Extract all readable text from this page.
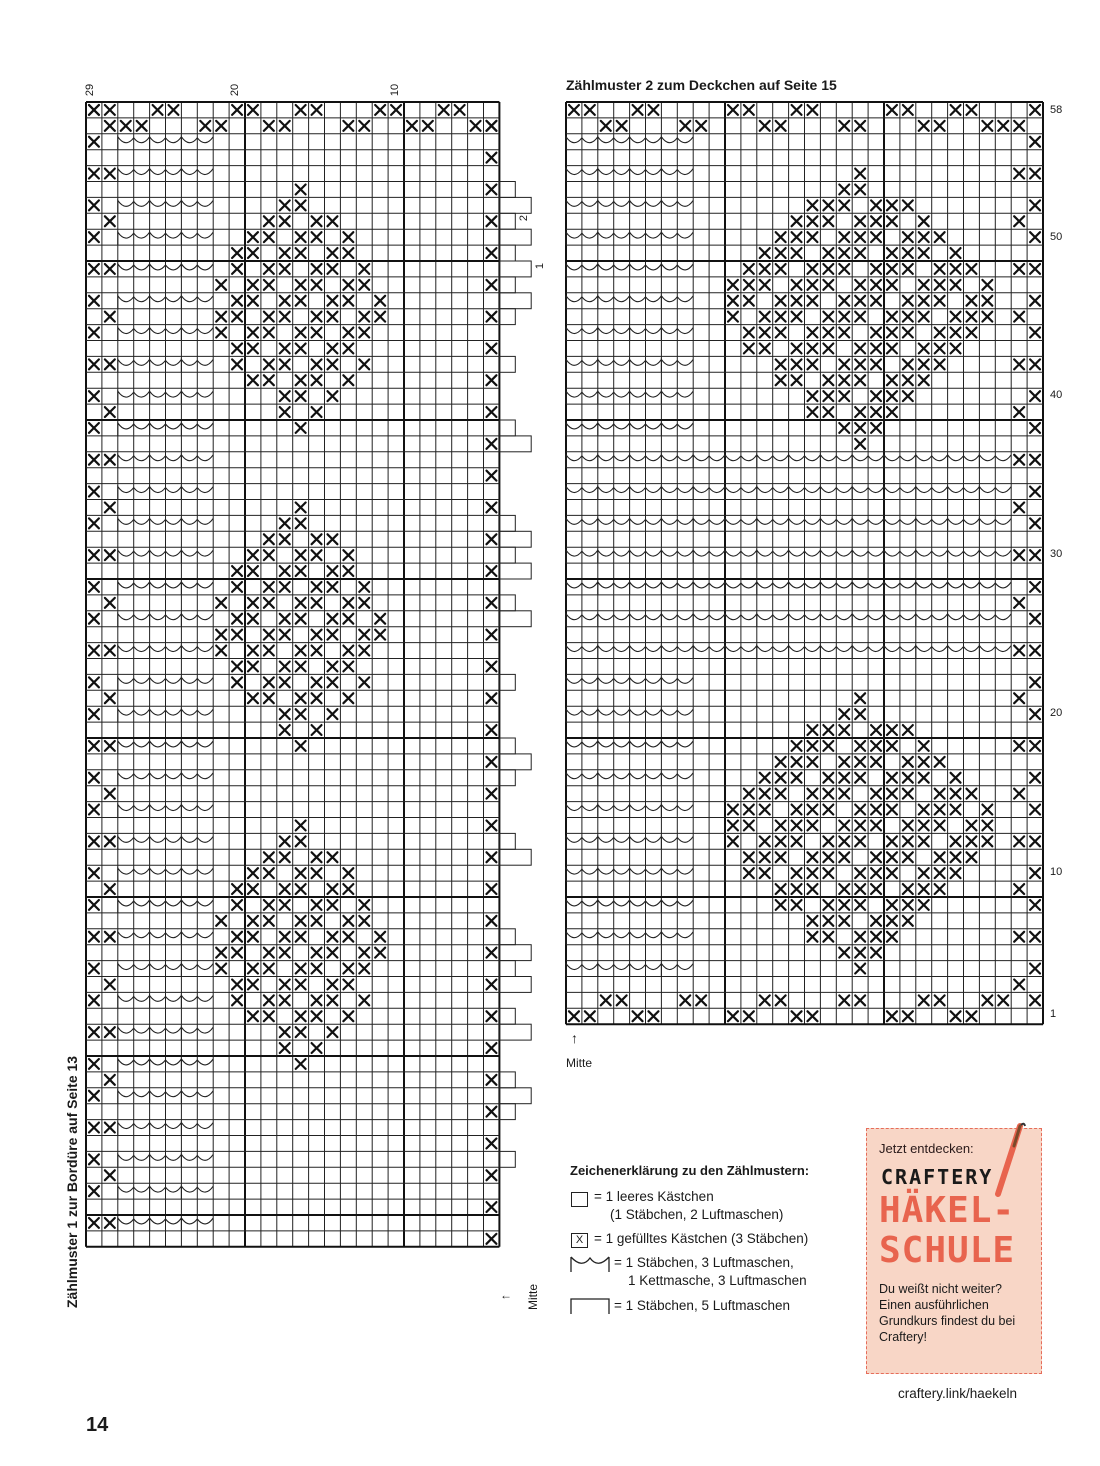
Zählmuster 1 zur Bordüre auf Seite 13
29	20	10
2
1
Mitte
←
Zählmuster 2 zum Deckchen auf Seite 15
58
50
40
30
20
10
1
↑
Mitte
Zeichenerklärung zu den Zählmustern:
= 1 leeres Kästchen
(1 Stäbchen, 2 Luftmaschen)
X = 1 gefülltes Kästchen (3 Stäbchen)
= 1 Stäbchen, 3 Luftmaschen,
1 Kettmasche, 3 Luftmaschen
= 1 Stäbchen, 5 Luftmaschen
Jetzt entdecken:
CRAFTERY
HÄKEL-
SCHULE
Du weißt nicht weiter? Einen ausführlichen Grundkurs findest du bei Craftery!
craftery.link/haekeln
14
